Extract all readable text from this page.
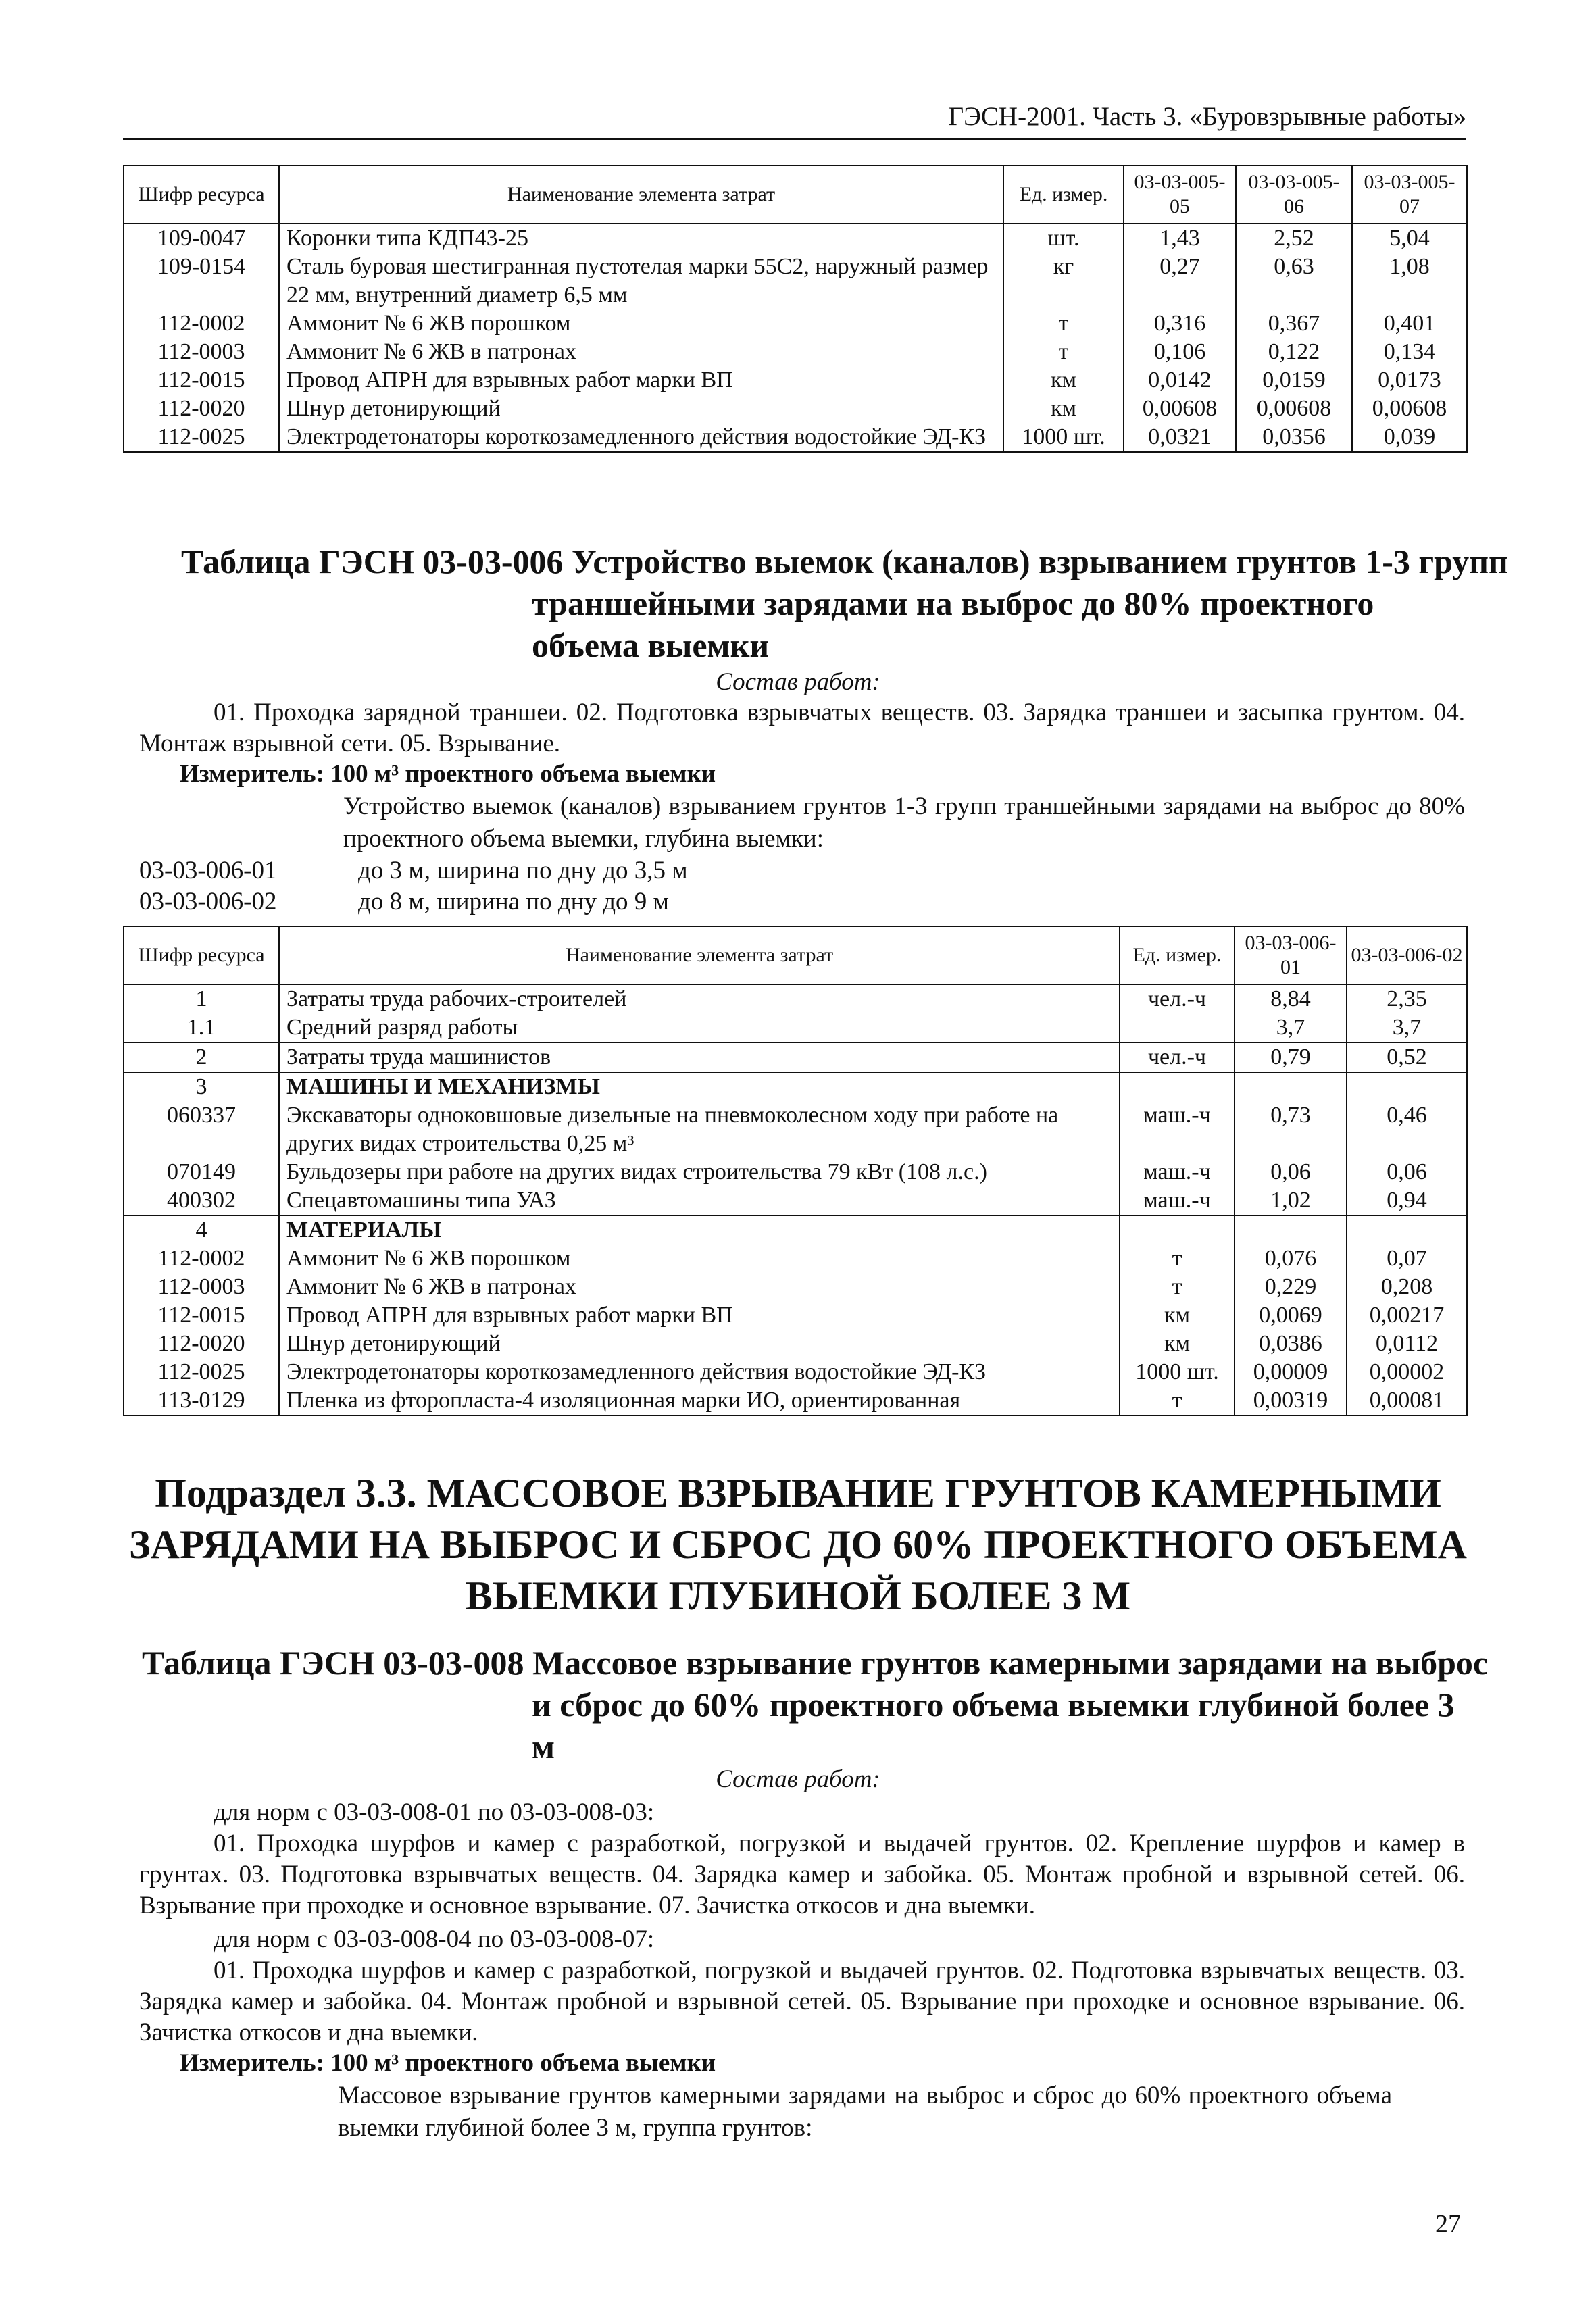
ГЭСН-2001. Часть 3. «Буровзрывные работы»
Шифр ресурса	Наименование элемента затрат	Ед. измер.	03-03-005-05	03-03-005-06	03-03-005-07
109-0047	Коронки типа КДП43-25	шт.	1,43	2,52	5,04
109-0154	Сталь буровая шестигранная пустотелая марки 55С2, наружный размер 22 мм, внутренний диаметр 6,5 мм	кг	0,27	0,63	1,08
112-0002	Аммонит № 6 ЖВ порошком	т	0,316	0,367	0,401
112-0003	Аммонит № 6 ЖВ в патронах	т	0,106	0,122	0,134
112-0015	Провод АПРН для взрывных работ марки ВП	км	0,0142	0,0159	0,0173
112-0020	Шнур детонирующий	км	0,00608	0,00608	0,00608
112-0025	Электродетонаторы короткозамедленного действия водостойкие ЭД-КЗ	1000 шт.	0,0321	0,0356	0,039
Таблица ГЭСН 03-03-006 Устройство выемок (каналов) взрыванием грунтов 1-3 групп
траншейными зарядами на выброс до 80% проектного
объема выемки
Состав работ:
01. Проходка зарядной траншеи. 02. Подготовка взрывчатых веществ. 03. Зарядка траншеи и засыпка грунтом. 04. Монтаж взрывной сети. 05. Взрывание.
Измеритель: 100 м³ проектного объема выемки
Устройство выемок (каналов) взрыванием грунтов 1-3 групп траншейными зарядами на выброс до 80% проектного объема выемки, глубина выемки:
03-03-006-01	до 3 м, ширина по дну до 3,5 м
03-03-006-02	до 8 м, ширина по дну до 9 м
Шифр ресурса	Наименование элемента затрат	Ед. измер.	03-03-006-01	03-03-006-02
1	Затраты труда рабочих-строителей	чел.-ч	8,84	2,35
1.1	Средний разряд работы		3,7	3,7
2	Затраты труда машинистов	чел.-ч	0,79	0,52
3	МАШИНЫ И МЕХАНИЗМЫ			
060337	Экскаваторы одноковшовые дизельные на пневмоколесном ходу при работе на других видах строительства 0,25 м³	маш.-ч	0,73	0,46
070149	Бульдозеры при работе на других видах строительства 79 кВт (108 л.с.)	маш.-ч	0,06	0,06
400302	Спецавтомашины типа УАЗ	маш.-ч	1,02	0,94
4	МАТЕРИАЛЫ			
112-0002	Аммонит № 6 ЖВ порошком	т	0,076	0,07
112-0003	Аммонит № 6 ЖВ в патронах	т	0,229	0,208
112-0015	Провод АПРН для взрывных работ марки ВП	км	0,0069	0,00217
112-0020	Шнур детонирующий	км	0,0386	0,0112
112-0025	Электродетонаторы короткозамедленного действия водостойкие ЭД-КЗ	1000 шт.	0,00009	0,00002
113-0129	Пленка из фторопласта-4 изоляционная марки ИО, ориентированная	т	0,00319	0,00081
Подраздел 3.3. МАССОВОЕ ВЗРЫВАНИЕ ГРУНТОВ КАМЕРНЫМИ
ЗАРЯДАМИ НА ВЫБРОС И СБРОС ДО 60% ПРОЕКТНОГО ОБЪЕМА
ВЫЕМКИ ГЛУБИНОЙ БОЛЕЕ 3 М
Таблица ГЭСН 03-03-008 Массовое взрывание грунтов камерными зарядами на выброс
и сброс до 60% проектного объема выемки глубиной более 3
м
Состав работ:
для норм с 03-03-008-01 по 03-03-008-03:
01. Проходка шурфов и камер с разработкой, погрузкой и выдачей грунтов. 02. Крепление шурфов и камер в грунтах. 03. Подготовка взрывчатых веществ. 04. Зарядка камер и забойка. 05. Монтаж пробной и взрывной сетей. 06. Взрывание при проходке и основное взрывание. 07. Зачистка откосов и дна выемки.
для норм с 03-03-008-04 по 03-03-008-07:
01. Проходка шурфов и камер с разработкой, погрузкой и выдачей грунтов. 02. Подготовка взрывчатых веществ. 03. Зарядка камер и забойка. 04. Монтаж пробной и взрывной сетей. 05. Взрывание при проходке и основное взрывание. 06. Зачистка откосов и дна выемки.
Измеритель: 100 м³ проектного объема выемки
Массовое взрывание грунтов камерными зарядами на выброс и сброс до 60% проектного объема выемки глубиной более 3 м, группа грунтов:
27
